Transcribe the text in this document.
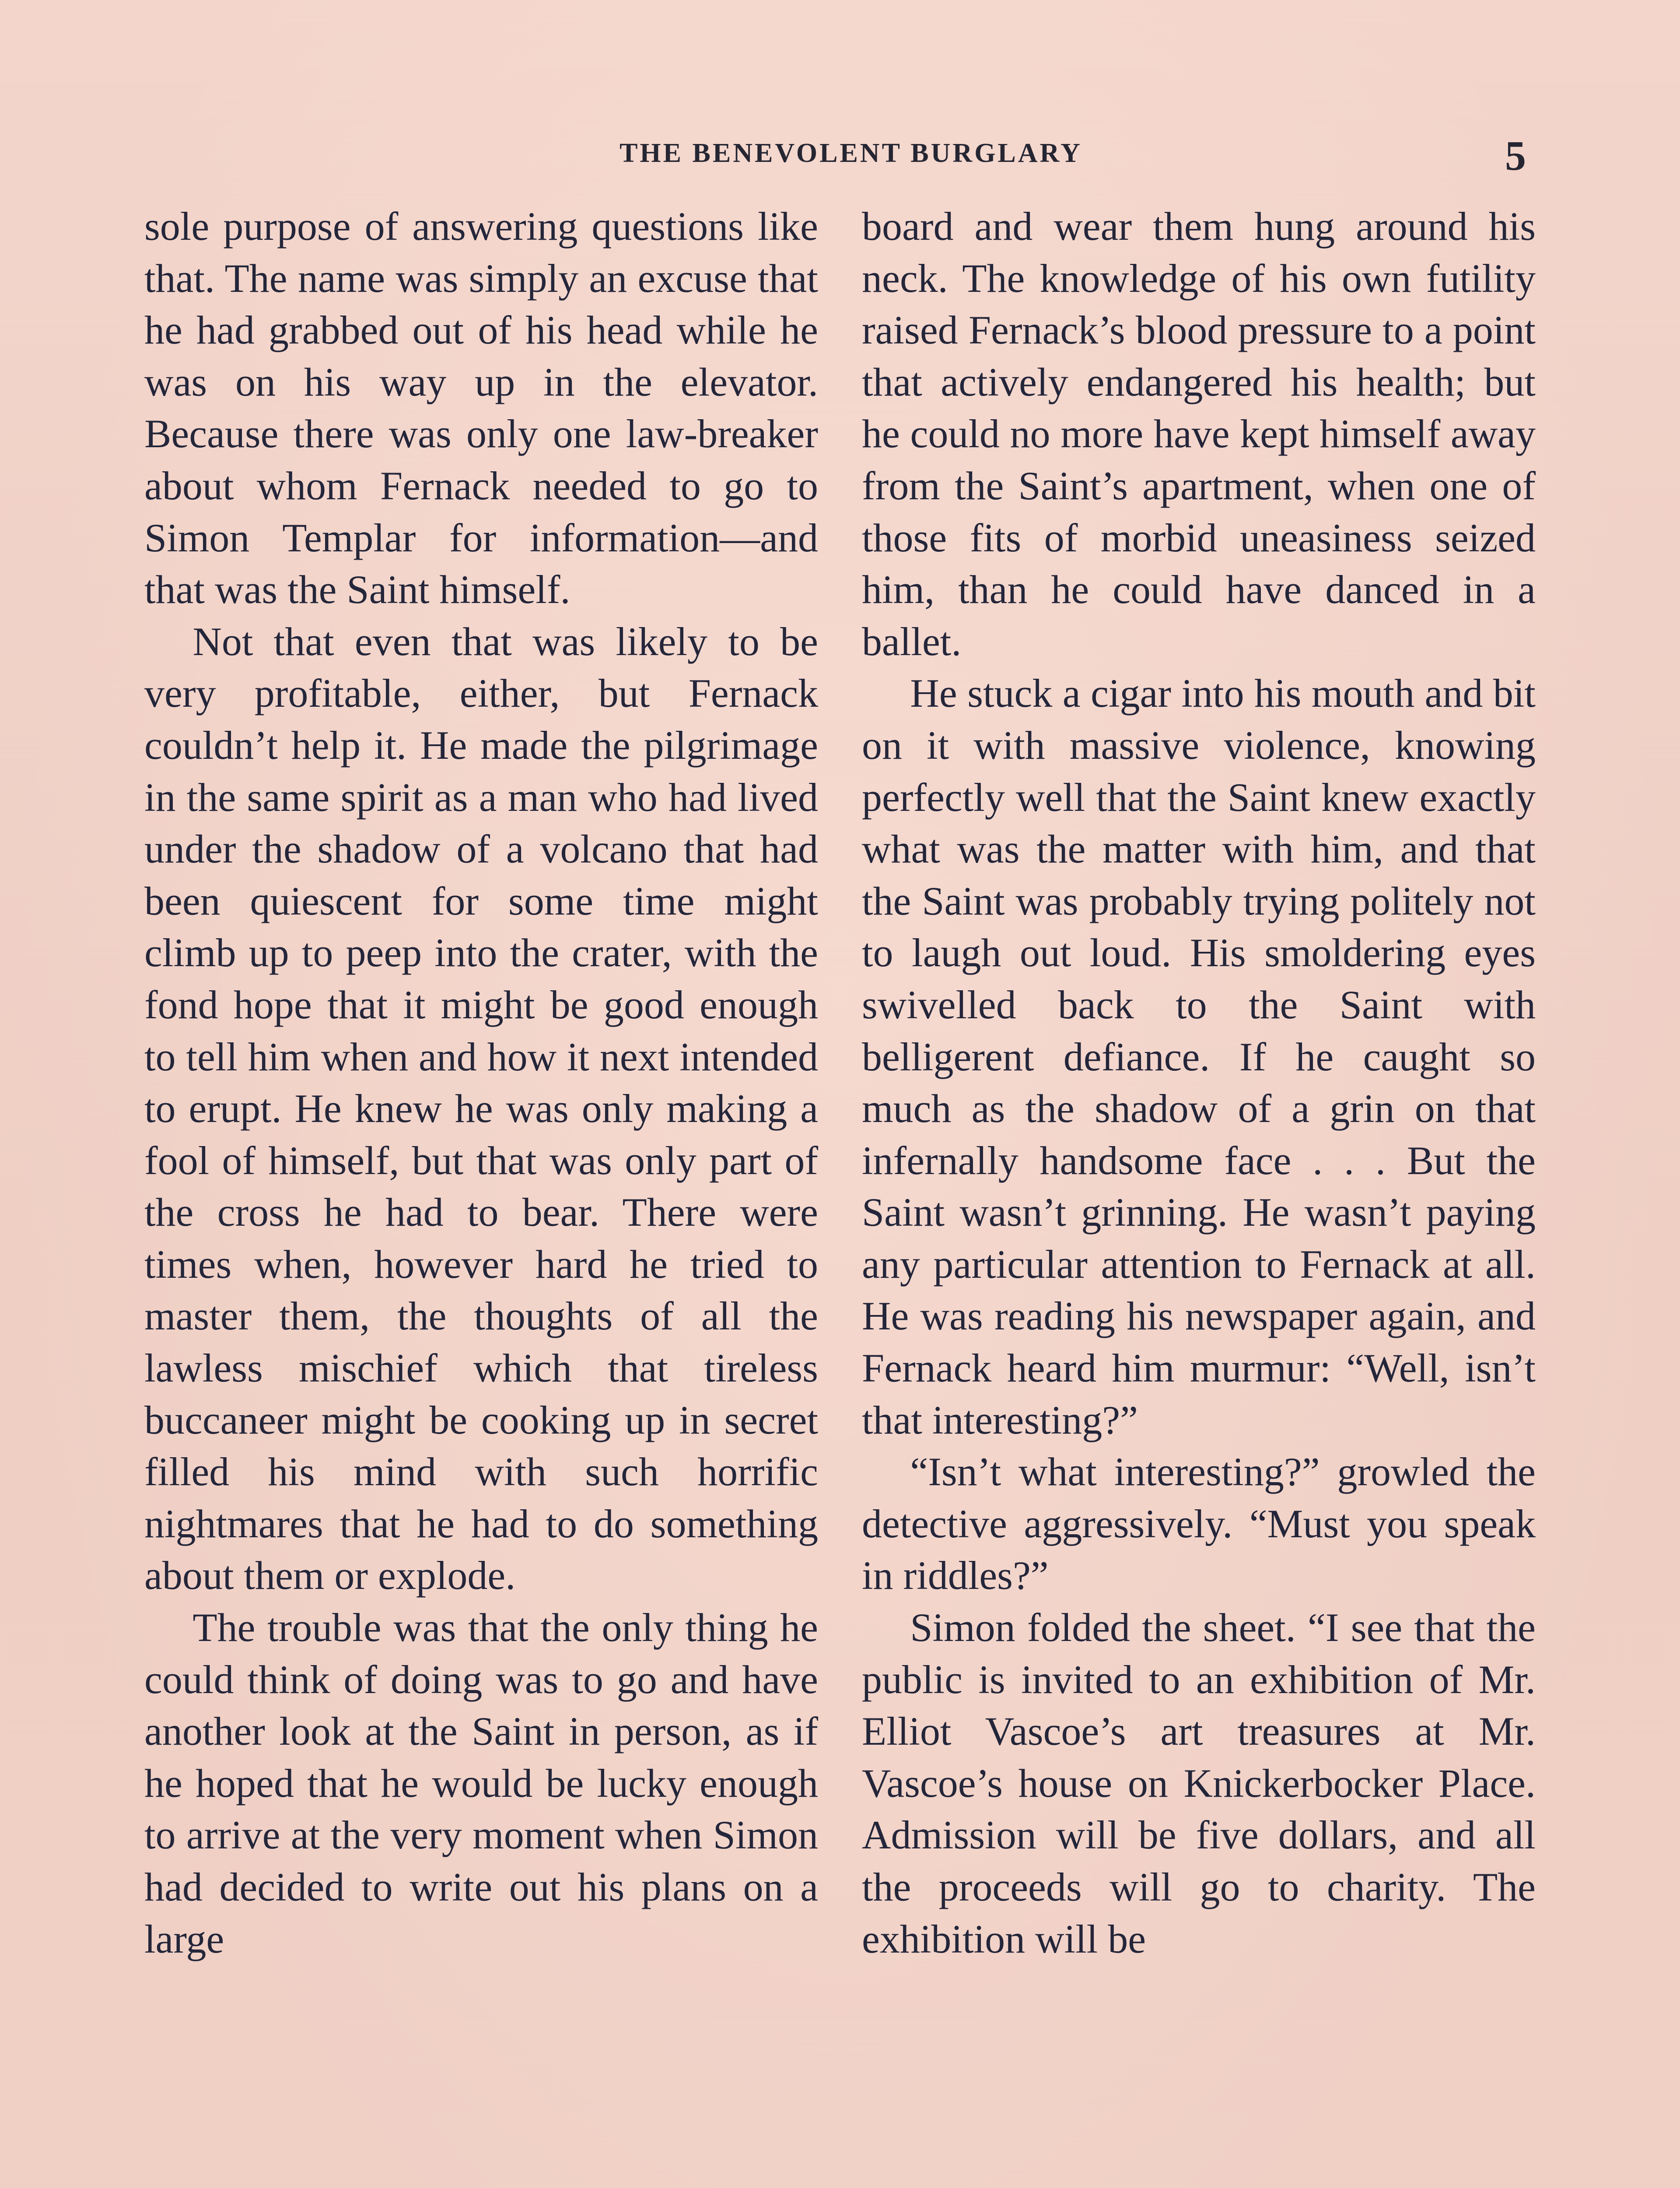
THE BENEVOLENT BURGLARY	5

sole purpose of answering questions like that. The name was simply an excuse that he had grabbed out of his head while he was on his way up in the elevator. Because there was only one law-breaker about whom Fernack needed to go to Simon Templar for information—and that was the Saint himself.

Not that even that was likely to be very profitable, either, but Fernack couldn’t help it. He made the pilgrimage in the same spirit as a man who had lived under the shadow of a volcano that had been quiescent for some time might climb up to peep into the crater, with the fond hope that it might be good enough to tell him when and how it next intended to erupt. He knew he was only making a fool of himself, but that was only part of the cross he had to bear. There were times when, however hard he tried to master them, the thoughts of all the lawless mischief which that tireless buccaneer might be cooking up in secret filled his mind with such horrific nightmares that he had to do something about them or explode.

The trouble was that the only thing he could think of doing was to go and have another look at the Saint in person, as if he hoped that he would be lucky enough to arrive at the very moment when Simon had decided to write out his plans on a large

board and wear them hung around his neck. The knowledge of his own futility raised Fernack’s blood pressure to a point that actively endangered his health; but he could no more have kept himself away from the Saint’s apartment, when one of those fits of morbid uneasiness seized him, than he could have danced in a ballet.

He stuck a cigar into his mouth and bit on it with massive violence, knowing perfectly well that the Saint knew exactly what was the matter with him, and that the Saint was probably trying politely not to laugh out loud. His smoldering eyes swivelled back to the Saint with belligerent defiance. If he caught so much as the shadow of a grin on that infernally handsome face . . . But the Saint wasn’t grinning. He wasn’t paying any particular attention to Fernack at all. He was reading his newspaper again, and Fernack heard him murmur: “Well, isn’t that interesting?”

“Isn’t what interesting?” growled the detective aggressively. “Must you speak in riddles?”

Simon folded the sheet. “I see that the public is invited to an exhibition of Mr. Elliot Vascoe’s art treasures at Mr. Vascoe’s house on Knickerbocker Place. Admission will be five dollars, and all the proceeds will go to charity. The exhibition will be
